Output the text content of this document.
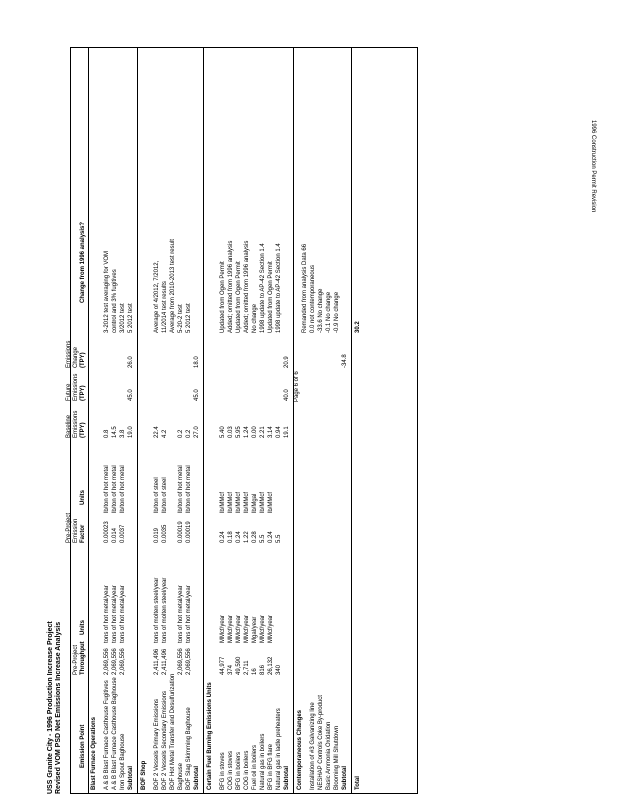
1996 Construction Permit Revision
Page 6 of 6
USS Granite City - 1996 Production Increase Project Revised VOM PSD Net Emissions Increase Analysis Pre-Project Throughput
Units
Pre-Project Emission Factor
Units
Baseline Emissions (TPY)
Future Emissions (TPY)
Emissions Change (TPY)
Change from 1996 analysis?
Emission Point Blast Furnace Operations A & B Blast Furnace Casthouse Fugitives
2,069,556
tons of hot metal/year
0.00023
lb/ton of hot metal
0.8
3-2012 test averaging for VOM
A & B Blast Furnace Casthouse Baghouse
2,069,556
tons of hot metal/year
0.014
lb/ton of hot metal
14.5
control and 3% fugitives
Iron Spout Baghouse
2,069,556
tons of hot metal/year
0.0037
lb/ton of hot metal
3.8
3/2012 test
Subtotal
19.0
45.0
26.0
5 2012 test
BOF Shop BOF 2 Vessels Primary Emissions
2,411,496
tons of molten steel/year
0.019
lb/ton of steel
22.4
Average of 4/2012, 7/2012,
BOF 2 Vessels Secondary Emissions
2,411,496
tons of molten steel/year
0.0035
lb/ton of steel
4.2
11/2014 test results
BOF Hot Metal Transfer and Desulfurization
Average from 2010-2013 test result
Baghouse
2,069,556
tons of hot metal/year
0.00019
lb/ton of hot metal
0.2
5-20-2 test
BOF Slag Skimming Baghouse
2,069,556
tons of hot metal/year
0.00019
lb/ton of hot metal
0.2
5 2012 test
Subtotal
27.0
45.0
18.0
Certain Fuel Burning Emissions Units BFG in stoves
44,977
MMcf/year
0.24
lb/MMcf
5.40
Updated from Ogen Permit
COG in stoves
374
MMcf/year
0.18
lb/MMcf
0.03
Added; omitted from 1996 analysis
BFG in boilers
49,590
MMcf/year
0.24
lb/MMcf
5.95
Updated from Ogen Permit
COG in boilers
2,711
MMcf/year
1.22
lb/MMcf
1.24
Added; omitted from 1996 analysis
Fuel oil in boilers
16
Mgal/year
0.28
lb/Mgal
0.00
No change
Natural gas in boilers
816
MMcf/year
5.5
lb/MMcf
2.21
1998 update to AP-42 Section 1.4
BFG in BFG flare
26,132
MMcf/year
0.24
lb/MMcf
3.14
Updated from Ogen Permit
Natural gas in ladle preheaters
340
5.5
0.94
1998 update to AP-42 Section 1.4
Subtotal
19.1
40.0
20.9
Contemporaneous Changes Installation of #3 Galvanizing line
0.0 not contemporaneous
NESHAP Controls Coke By-product
-33.6 No change
Basic Ammonia Oxidation
-0.1 No change
Blooming Mill Shutdown
-0.9 No change
Subtotal
-34.8
Remanded from analysis Data 66
Total
30.2
